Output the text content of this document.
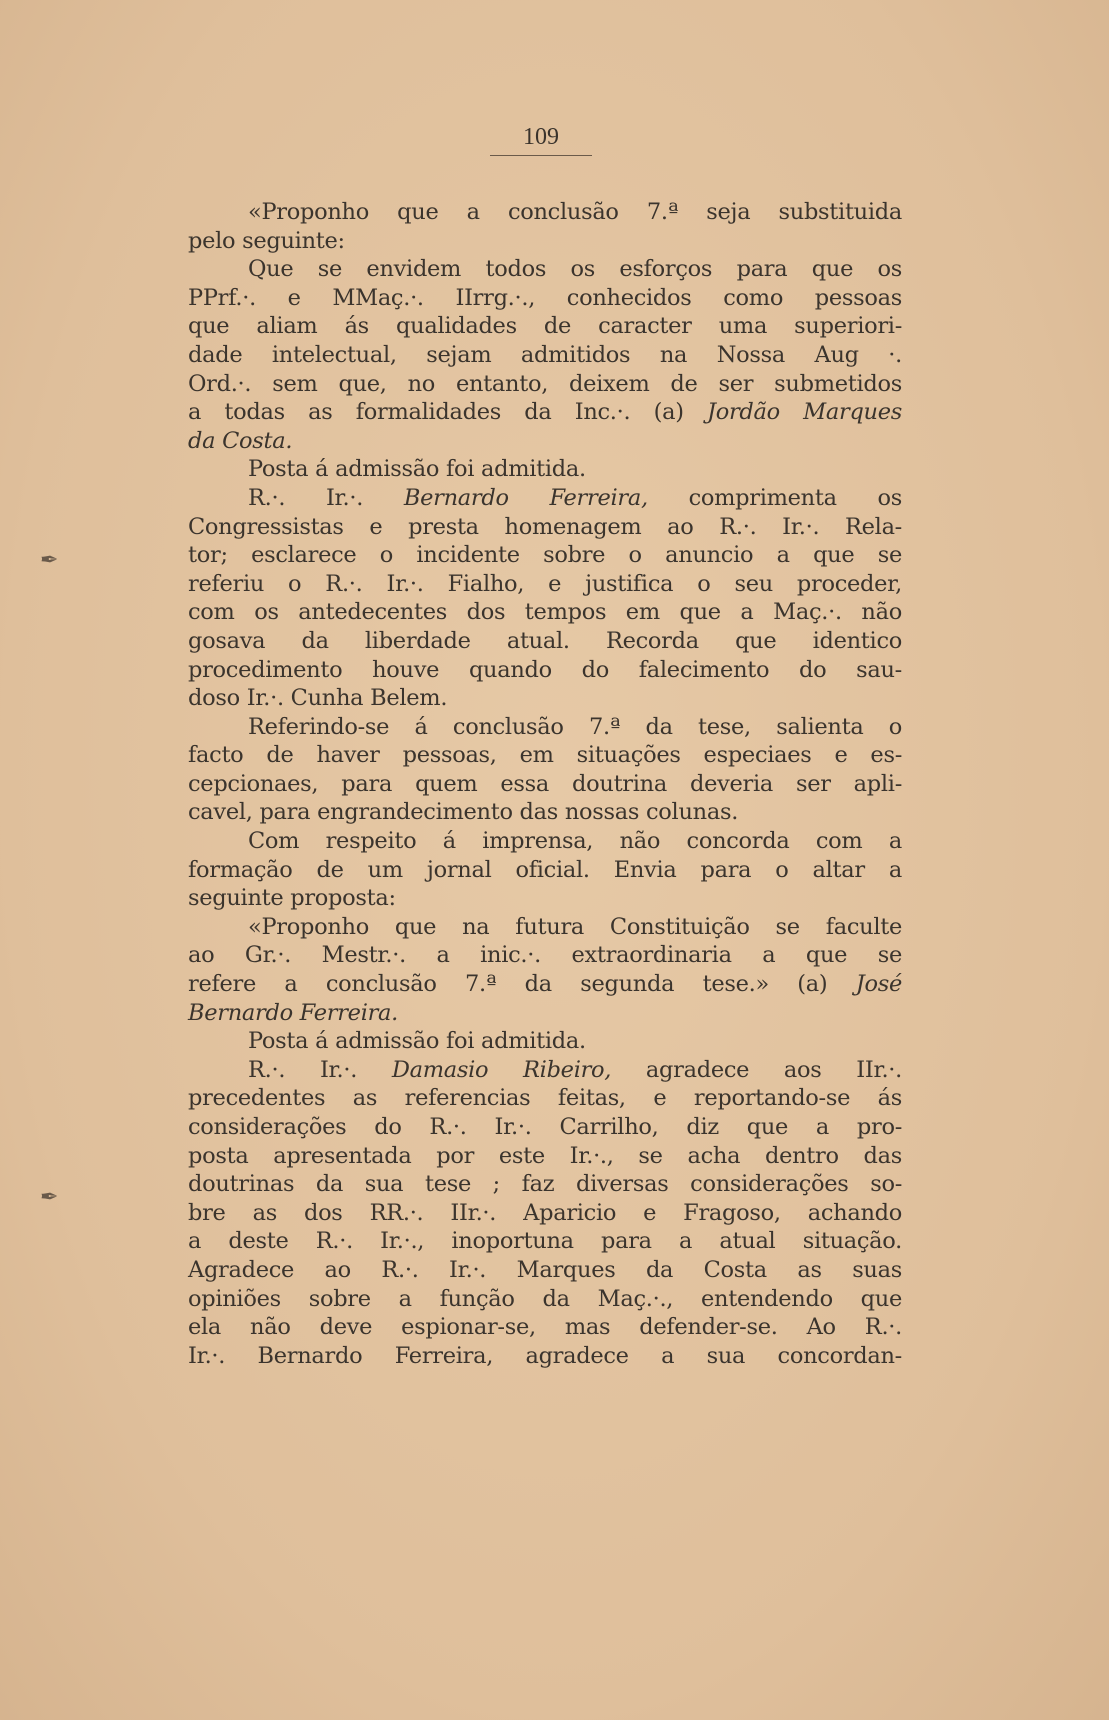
109
✒
✒
«Proponho que a conclusão 7.ª seja substituida
pelo seguinte:
Que se envidem todos os esforços para que os
PPrf.·. e MMaç.·. IIrrg.·., conhecidos como pessoas
que aliam ás qualidades de caracter uma superiori-
dade intelectual, sejam admitidos na Nossa Aug ·.
Ord.·. sem que, no entanto, deixem de ser submetidos
a todas as formalidades da Inc.·. (a) Jordão Marques
da Costa.
Posta á admissão foi admitida.
R.·. Ir.·. Bernardo Ferreira, comprimenta os
Congressistas e presta homenagem ao R.·. Ir.·. Rela-
tor; esclarece o incidente sobre o anuncio a que se
referiu o R.·. Ir.·. Fialho, e justifica o seu proceder,
com os antedecentes dos tempos em que a Maç.·. não
gosava da liberdade atual. Recorda que identico
procedimento houve quando do falecimento do sau-
doso Ir.·. Cunha Belem.
Referindo-se á conclusão 7.ª da tese, salienta o
facto de haver pessoas, em situações especiaes e es-
cepcionaes, para quem essa doutrina deveria ser apli-
cavel, para engrandecimento das nossas colunas.
Com respeito á imprensa, não concorda com a
formação de um jornal oficial. Envia para o altar a
seguinte proposta:
«Proponho que na futura Constituição se faculte
ao Gr.·. Mestr.·. a inic.·. extraordinaria a que se
refere a conclusão 7.ª da segunda tese.» (a) José
Bernardo Ferreira.
Posta á admissão foi admitida.
R.·. Ir.·. Damasio Ribeiro, agradece aos IIr.·.
precedentes as referencias feitas, e reportando-se ás
considerações do R.·. Ir.·. Carrilho, diz que a pro-
posta apresentada por este Ir.·., se acha dentro das
doutrinas da sua tese ; faz diversas considerações so-
bre as dos RR.·. IIr.·. Aparicio e Fragoso, achando
a deste R.·. Ir.·., inoportuna para a atual situação.
Agradece ao R.·. Ir.·. Marques da Costa as suas
opiniões sobre a função da Maç.·., entendendo que
ela não deve espionar-se, mas defender-se. Ao R.·.
Ir.·. Bernardo Ferreira, agradece a sua concordan-
